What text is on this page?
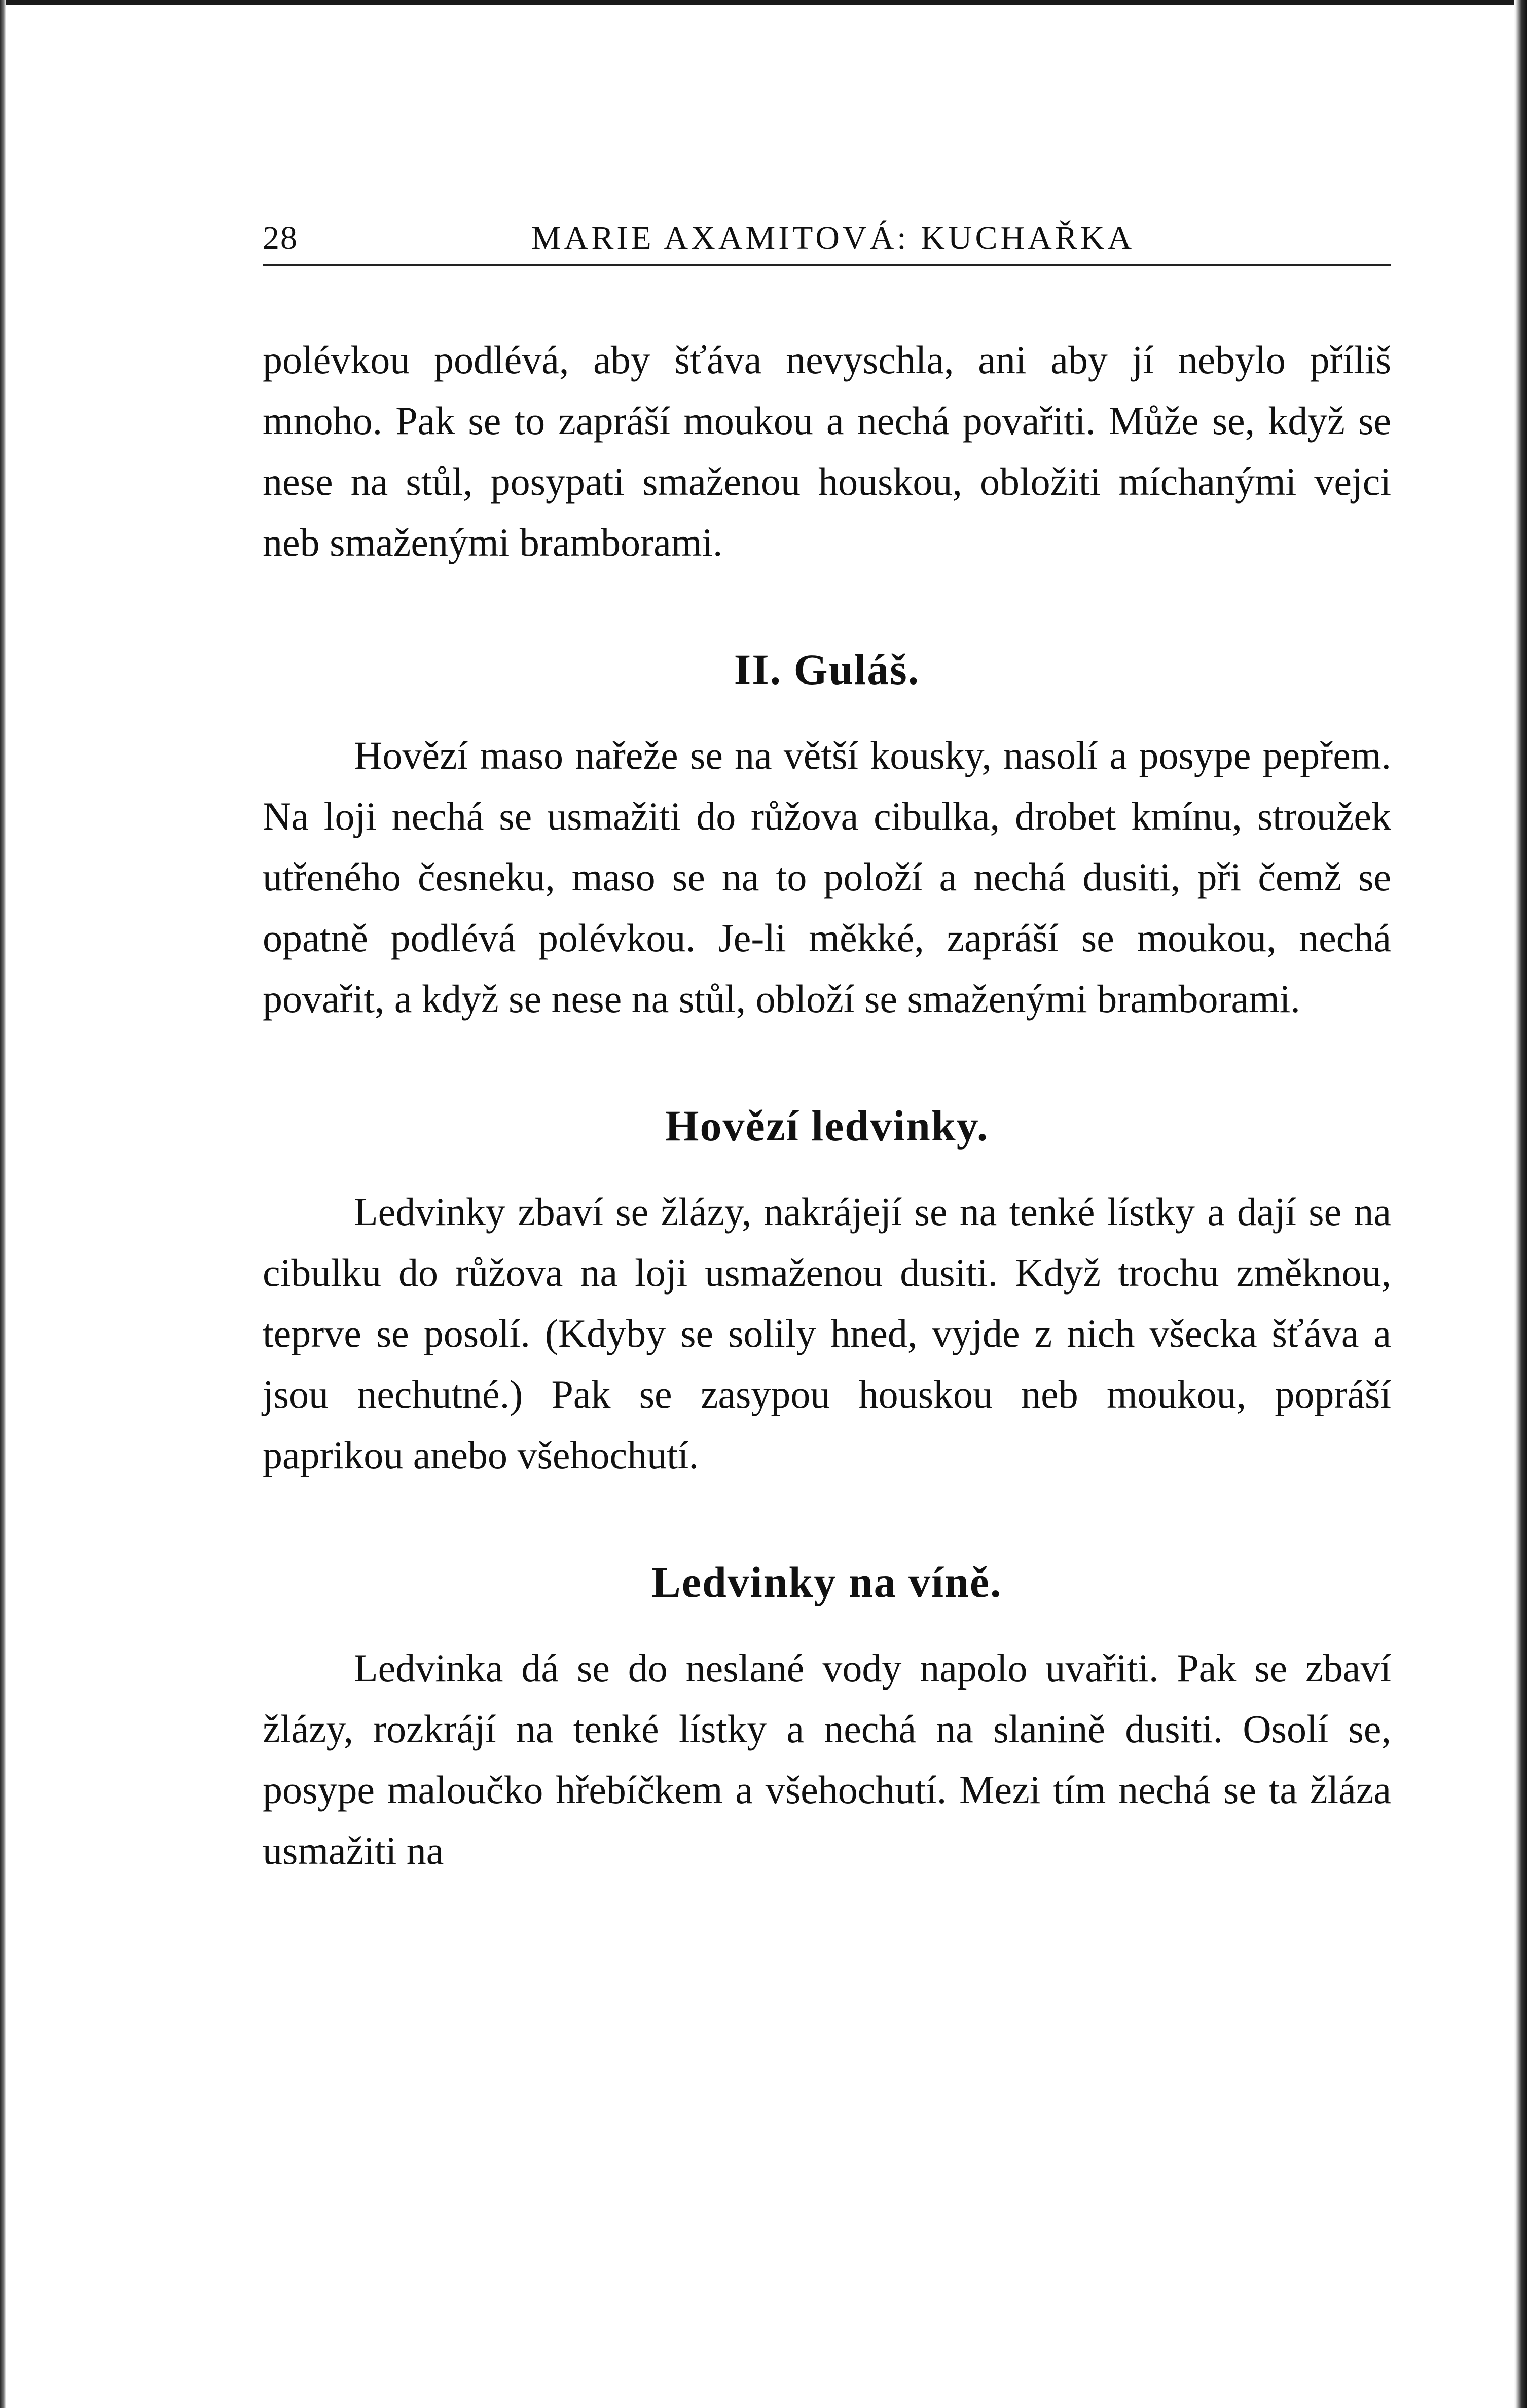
28	MARIE AXAMITOVÁ: KUCHAŘKA

polévkou podlévá, aby šťáva nevyschla, ani aby jí nebylo příliš mnoho. Pak se to zapráší moukou a nechá povařiti. Může se, když se nese na stůl, posypati smaženou houskou, obložiti míchanými vejci neb smaženými bramborami.

II. Guláš.

Hovězí maso nařeže se na větší kousky, nasolí a posype pepřem. Na loji nechá se usmažiti do růžova cibulka, drobet kmínu, stroužek utřeného česneku, maso se na to položí a nechá dusiti, při čemž se opatně podlévá polévkou. Je-li měkké, zapráší se moukou, nechá povařit, a když se nese na stůl, obloží se smaženými bramborami.

Hovězí ledvinky.

Ledvinky zbaví se žlázy, nakrájejí se na tenké lístky a dají se na cibulku do růžova na loji usmaženou dusiti. Když trochu změknou, teprve se posolí. (Kdyby se solily hned, vyjde z nich všecka šťáva a jsou nechutné.) Pak se zasypou houskou neb moukou, popráší paprikou anebo všehochutí.

Ledvinky na víně.

Ledvinka dá se do neslané vody napolo uvařiti. Pak se zbaví žlázy, rozkrájí na tenké lístky a nechá na slanině dusiti. Osolí se, posype maloučko hřebíčkem a všehochutí. Mezi tím nechá se ta žláza usmažiti na
